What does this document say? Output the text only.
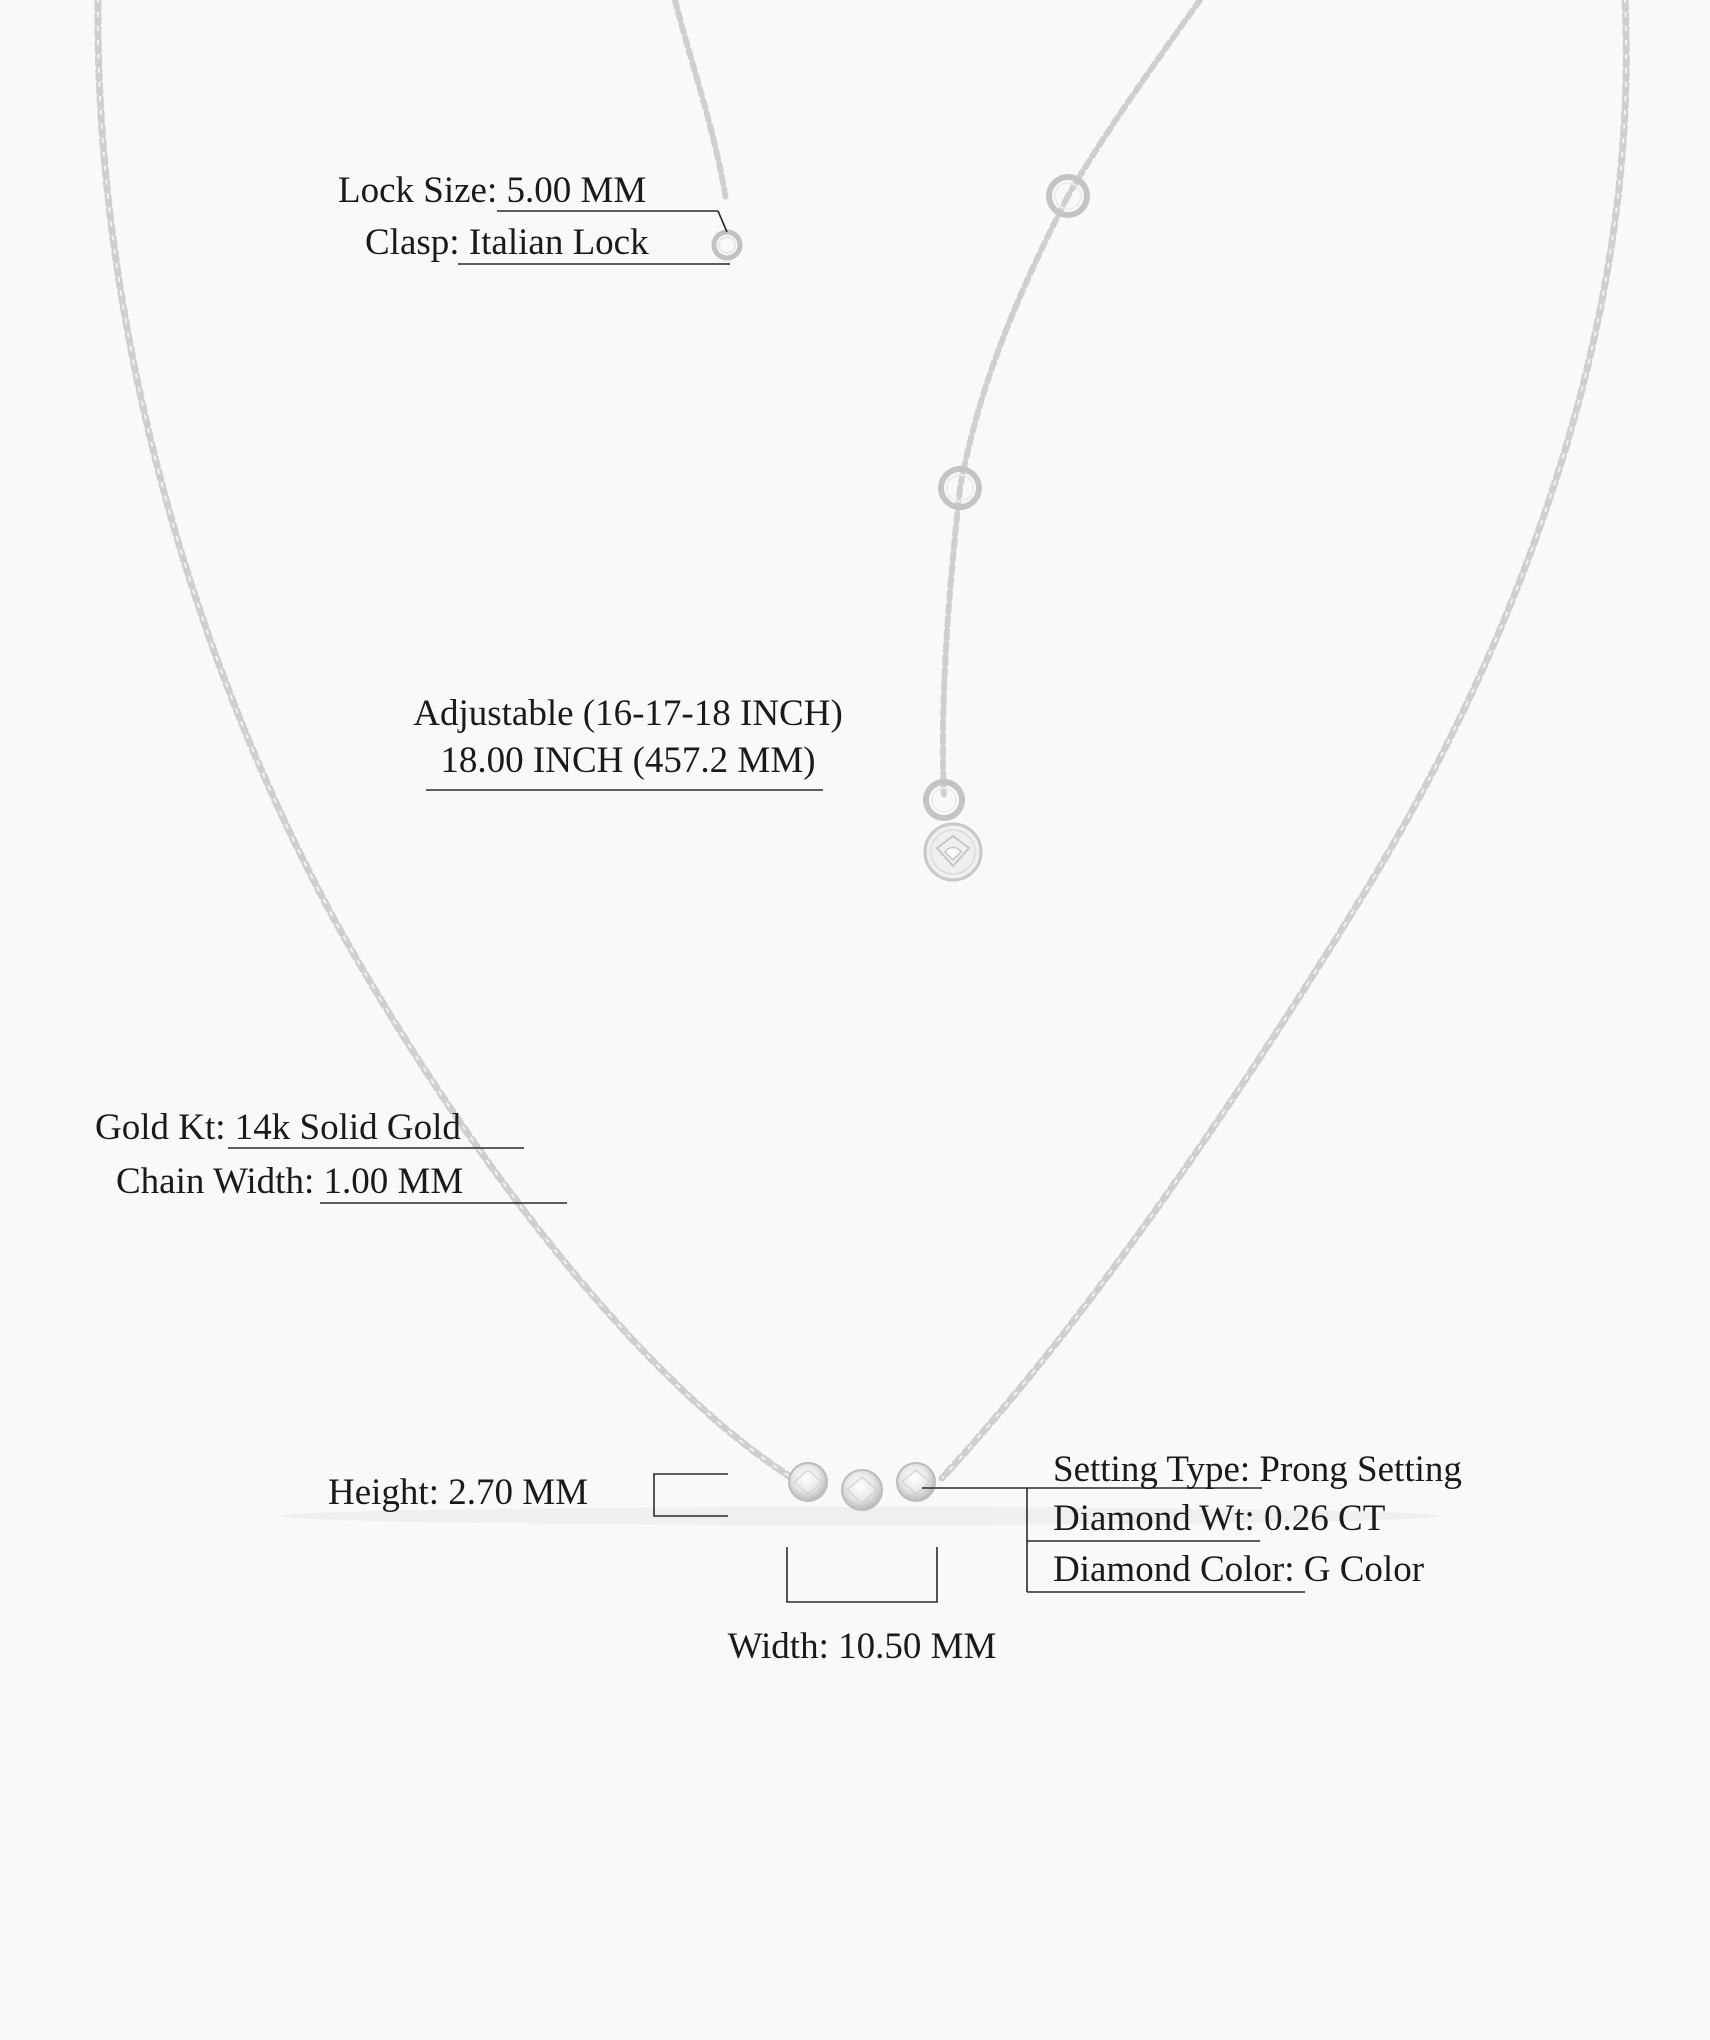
Lock Size: 5.00 MM
Clasp: Italian Lock
Adjustable (16-17-18 INCH)
18.00 INCH (457.2 MM)
Gold Kt: 14k Solid Gold
Chain Width: 1.00 MM
Height: 2.70 MM
Width: 10.50 MM
Setting Type: Prong Setting
Diamond Wt: 0.26 CT
Diamond Color: G Color
